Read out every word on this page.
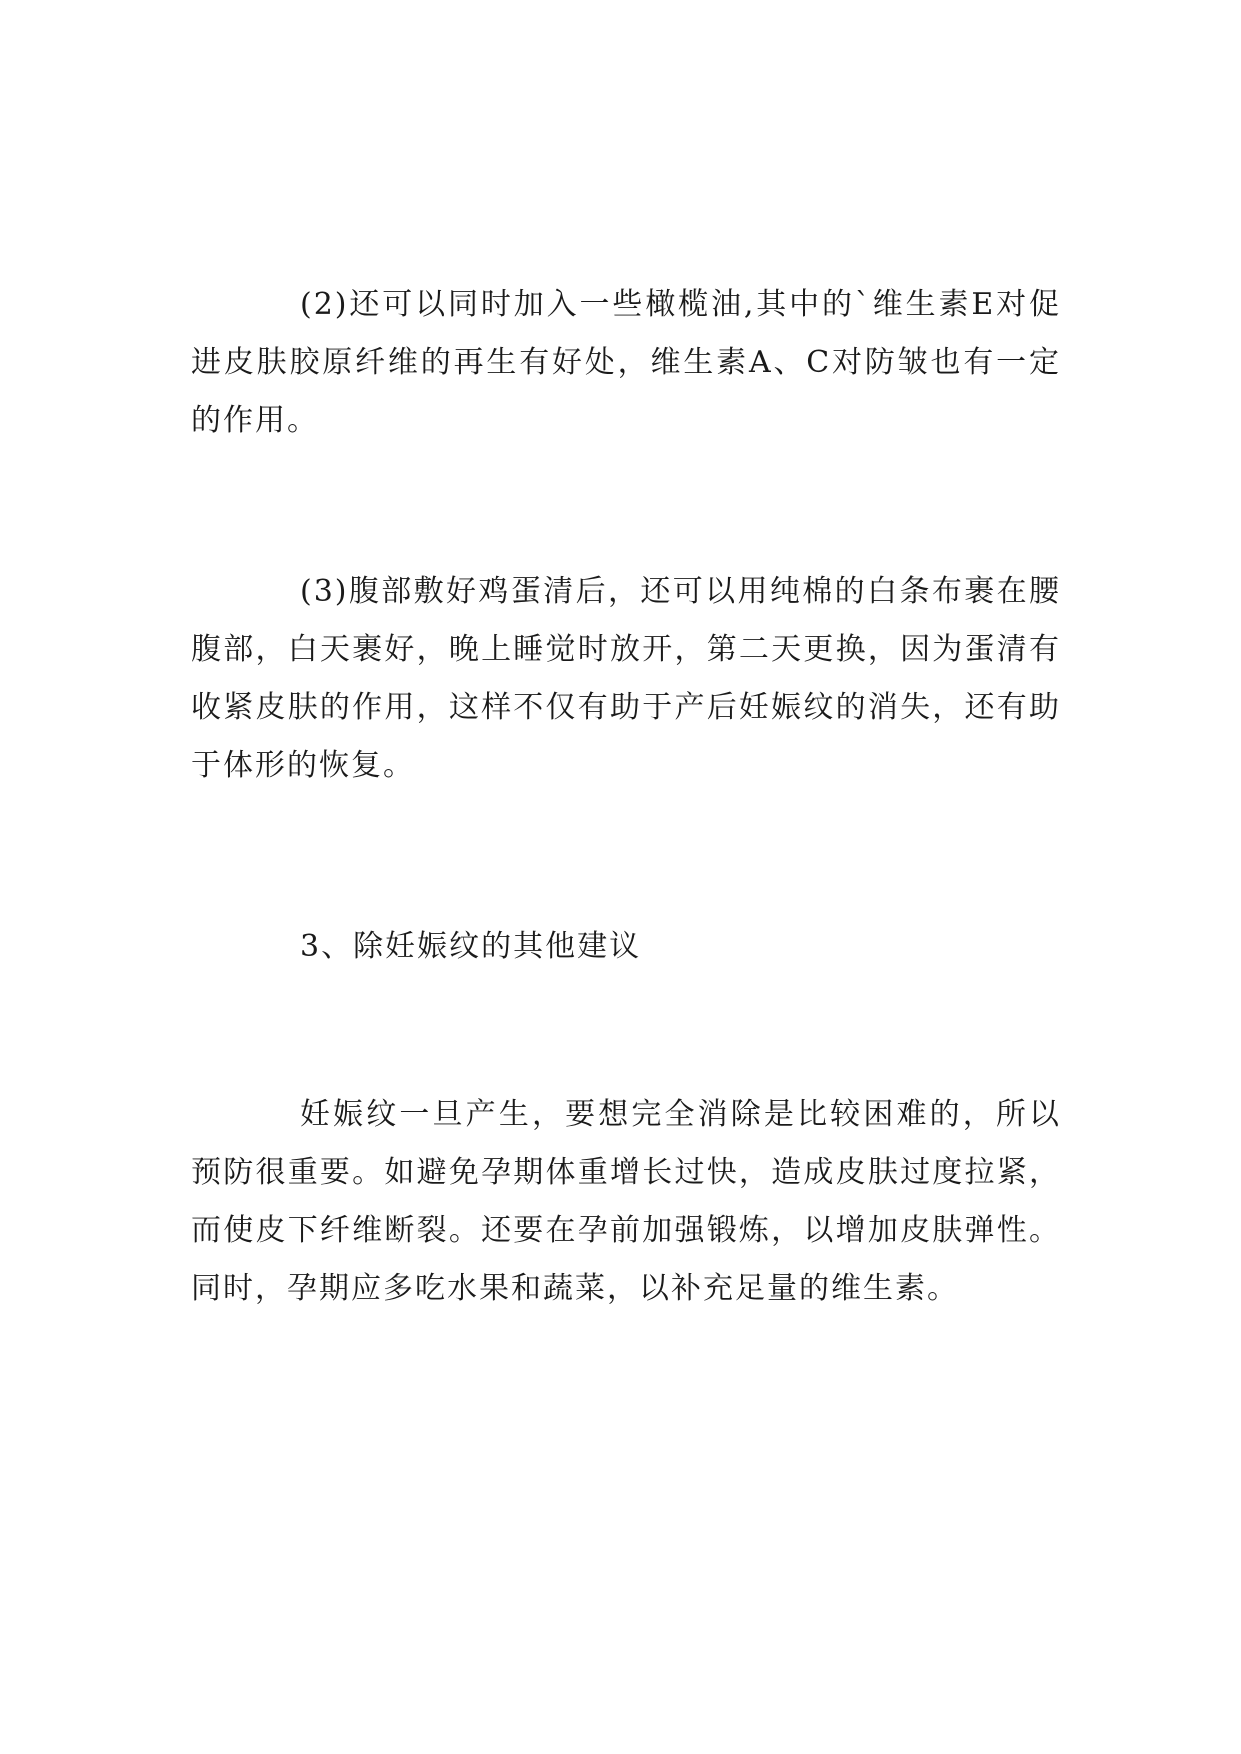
(2)还可以同时加入一些橄榄油,其中的`维生素E对促进皮肤胶原纤维的再生有好处，维生素A、C对防皱也有一定的作用。

(3)腹部敷好鸡蛋清后，还可以用纯棉的白条布裹在腰腹部，白天裹好，晚上睡觉时放开，第二天更换，因为蛋清有收紧皮肤的作用，这样不仅有助于产后妊娠纹的消失，还有助于体形的恢复。

3、除妊娠纹的其他建议

妊娠纹一旦产生，要想完全消除是比较困难的，所以预防很重要。如避免孕期体重增长过快，造成皮肤过度拉紧，而使皮下纤维断裂。还要在孕前加强锻炼，以增加皮肤弹性。同时，孕期应多吃水果和蔬菜，以补充足量的维生素。
